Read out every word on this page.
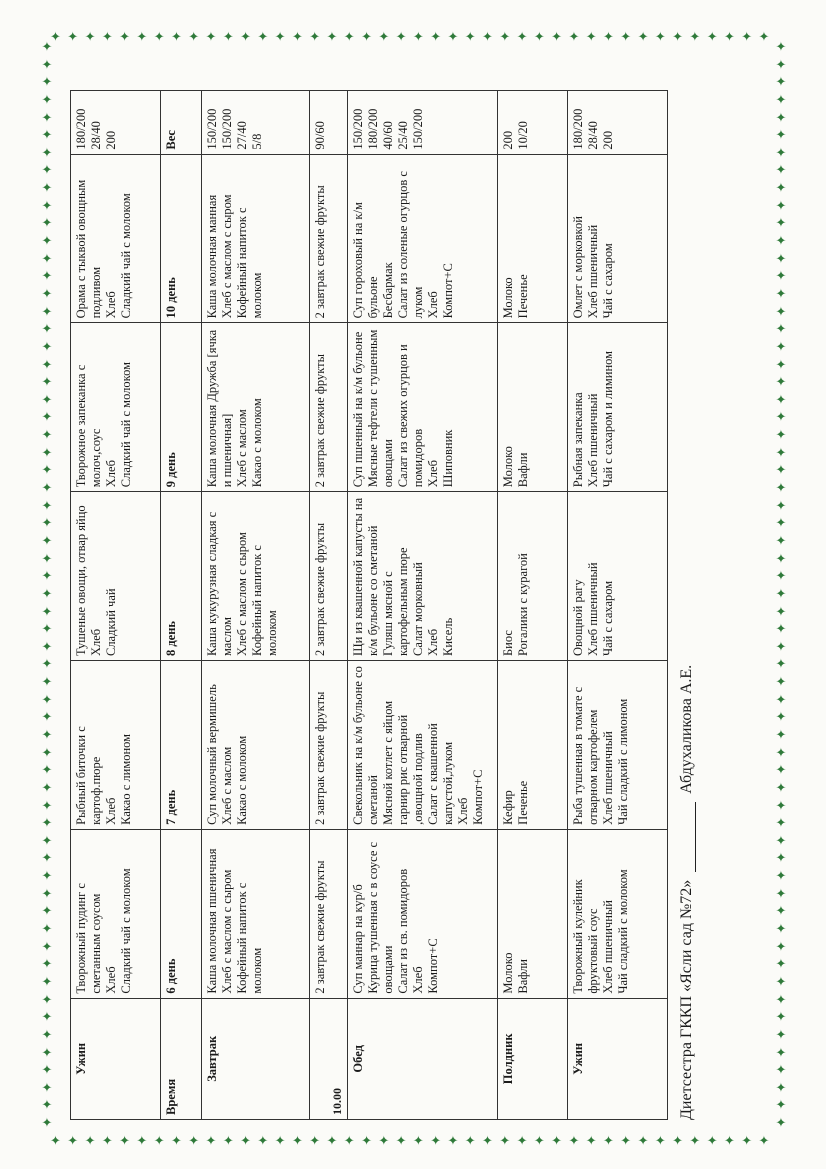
✦ ✦ ✦ ✦ ✦ ✦ ✦ ✦ ✦ ✦ ✦ ✦ ✦ ✦ ✦ ✦ ✦ ✦ ✦ ✦ ✦ ✦ ✦ ✦ ✦ ✦ ✦ ✦ ✦ ✦ ✦ ✦ ✦ ✦ ✦ ✦ ✦ ✦ ✦ ✦ ✦ ✦
✦ ✦ ✦ ✦ ✦ ✦ ✦ ✦ ✦ ✦ ✦ ✦ ✦ ✦ ✦ ✦ ✦ ✦ ✦ ✦ ✦ ✦ ✦ ✦ ✦ ✦ ✦ ✦ ✦ ✦ ✦ ✦ ✦ ✦ ✦ ✦ ✦ ✦ ✦ ✦ ✦ ✦
✦
✦
✦
✦
✦
✦
✦
✦
✦
✦
✦
✦
✦
✦
✦
✦
✦
✦
✦
✦
✦
✦
✦
✦
✦
✦
✦
✦
✦
✦
✦
✦
✦
✦
✦
✦
✦
✦
✦
✦
✦
✦
✦
✦
✦
✦
✦
✦
✦
✦
✦
✦
✦
✦
✦
✦
✦
✦
✦
✦
✦
✦
✦
✦
✦
✦
✦
✦
✦
✦
✦
✦
✦
✦
✦
✦
✦
✦
✦
✦
✦
✦
✦
✦
✦
✦
✦
✦
✦
✦
✦
✦
✦
✦
✦
✦
✦
✦
✦
✦
✦
✦
✦
✦
✦
✦
✦
✦
✦
✦
✦
✦
✦
✦
✦
✦
✦
✦
✦
✦
✦
✦
✦
✦
Ужин	Творожный пудинг с сметанным соусом Хлеб Сладкий чай с молоком	Рыбный биточки с картоф.пюре Хлеб Какао с лимоном	Тушеные овощи, отвар яйцо Хлеб Сладкий чай	Творожное запеканка с молоч,соус Хлеб Сладкий чай с молоком	Орама с тыквой овощным подливом Хлеб Сладкий чай с молоком	180/200 28/40 200

Время	6 день	7 день	8 день	9 день	10 день	Вес
Завтрак	Каша молочная пшеничная Хлеб с маслом с сыром Кофейный напиток с молоком	Суп молочный вермишель Хлеб с маслом Какао с молоком	Каша кукурузная сладкая с маслом Хлеб с маслом с сыром Кофейный напиток с молоком	Каша молочная Дружба [ячка и пшеничная] Хлеб с маслом Какао с молоком	Каша молочная манная Хлеб с маслом с сыром Кофейный напиток с молоком	150/200 150/200 27/40 5/8

10.00	2 завтрак свежие фрукты	2 завтрак свежие фрукты	2 завтрак свежие фрукты	2 завтрак свежие фрукты	2 завтрак свежие фрукты	90/60
Обед	Суп маннар на кур/б Курица тушенная с в соусе с овощами Салат из св. помидоров Хлеб Компот+С	Свекольник на к/м бульоне со сметаной Мясной котлет с яйцом гарнир рис отварной ,овощной подлив Салат с квашенной капустой,луком Хлеб Компот+С	Щи из квашенной капусты на к/м бульоне со сметаной Гуляш мясной с картофельным пюре Салат морковный Хлеб Кисель	Суп пшенный на к/м бульоне Мясные тефтели с тушенным овощами Салат из свежих огурцов и помидоров Хлеб Шиповник	Суп гороховый на к/м бульоне Бесбармак Салат из соленые огурцов с луком Хлеб Компот+С	150/200 180/200 40/60 25/40 150/200

Полдник	Молоко Вафли	Кефир Печенье	Биос Рогалики с курагой	Молоко Вафли	Молоко Печенье	200 10/20

Ужин	Творожный кулейник фруктовый соус Хлеб пшеничный Чай сладкий с молоком	Рыба тушенная в томате с отварном картофелем Хлеб пшеничный Чай сладкий с лимоном	Овощной рагу Хлеб пшеничный Чай с сахаром	Рыбная запеканка Хлеб пшеничный Чай с сахаром и лимином	Омлет с морковкой Хлеб пшеничный Чай с сахаром	180/200 28/40 200
Диетсестра ГККП «Ясли сад №72»  Абдухаликова А.Е.
